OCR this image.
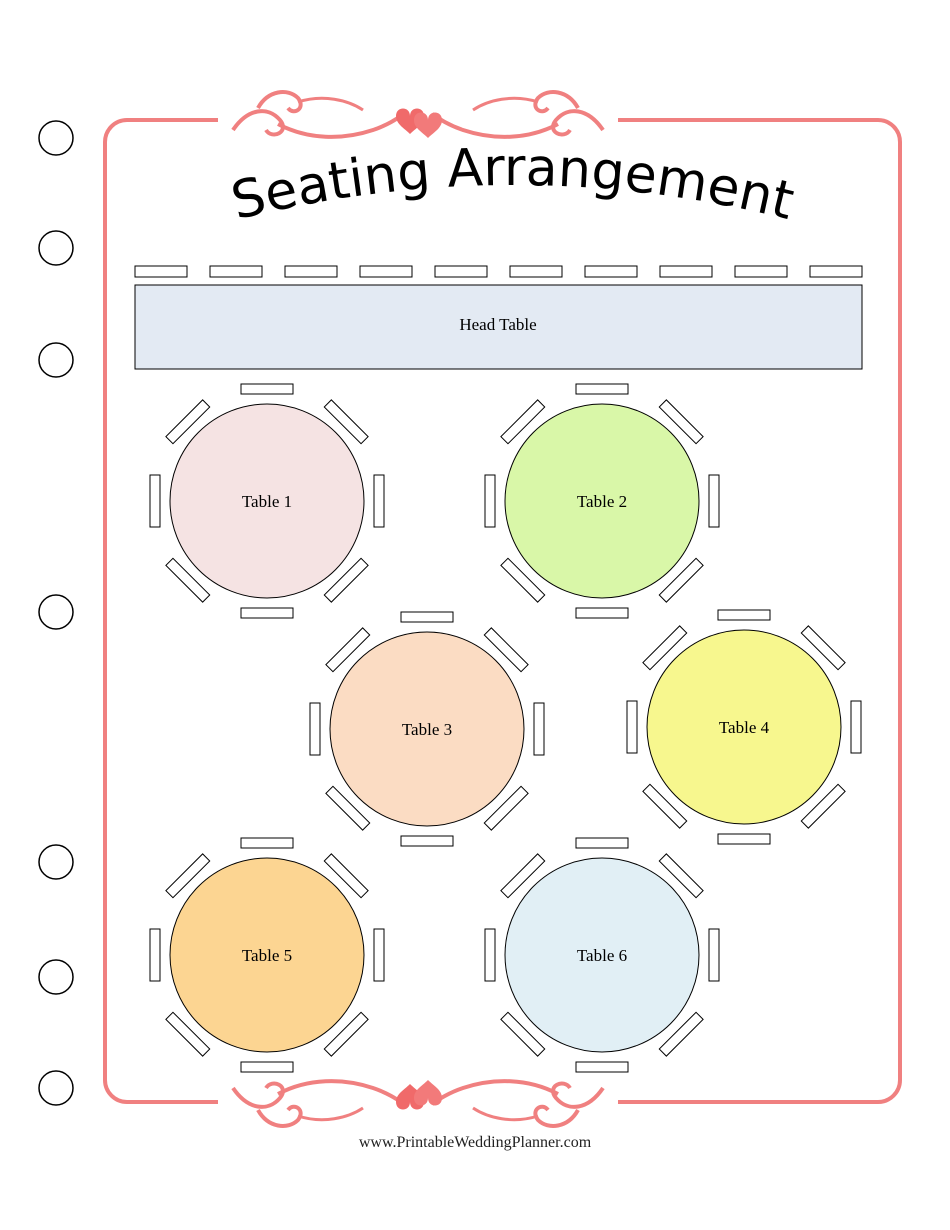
Seating Arrangement
Head Table
Table 1	Table 2
Table 3	Table 4
Table 5	Table 6
www.PrintableWeddingPlanner.com
